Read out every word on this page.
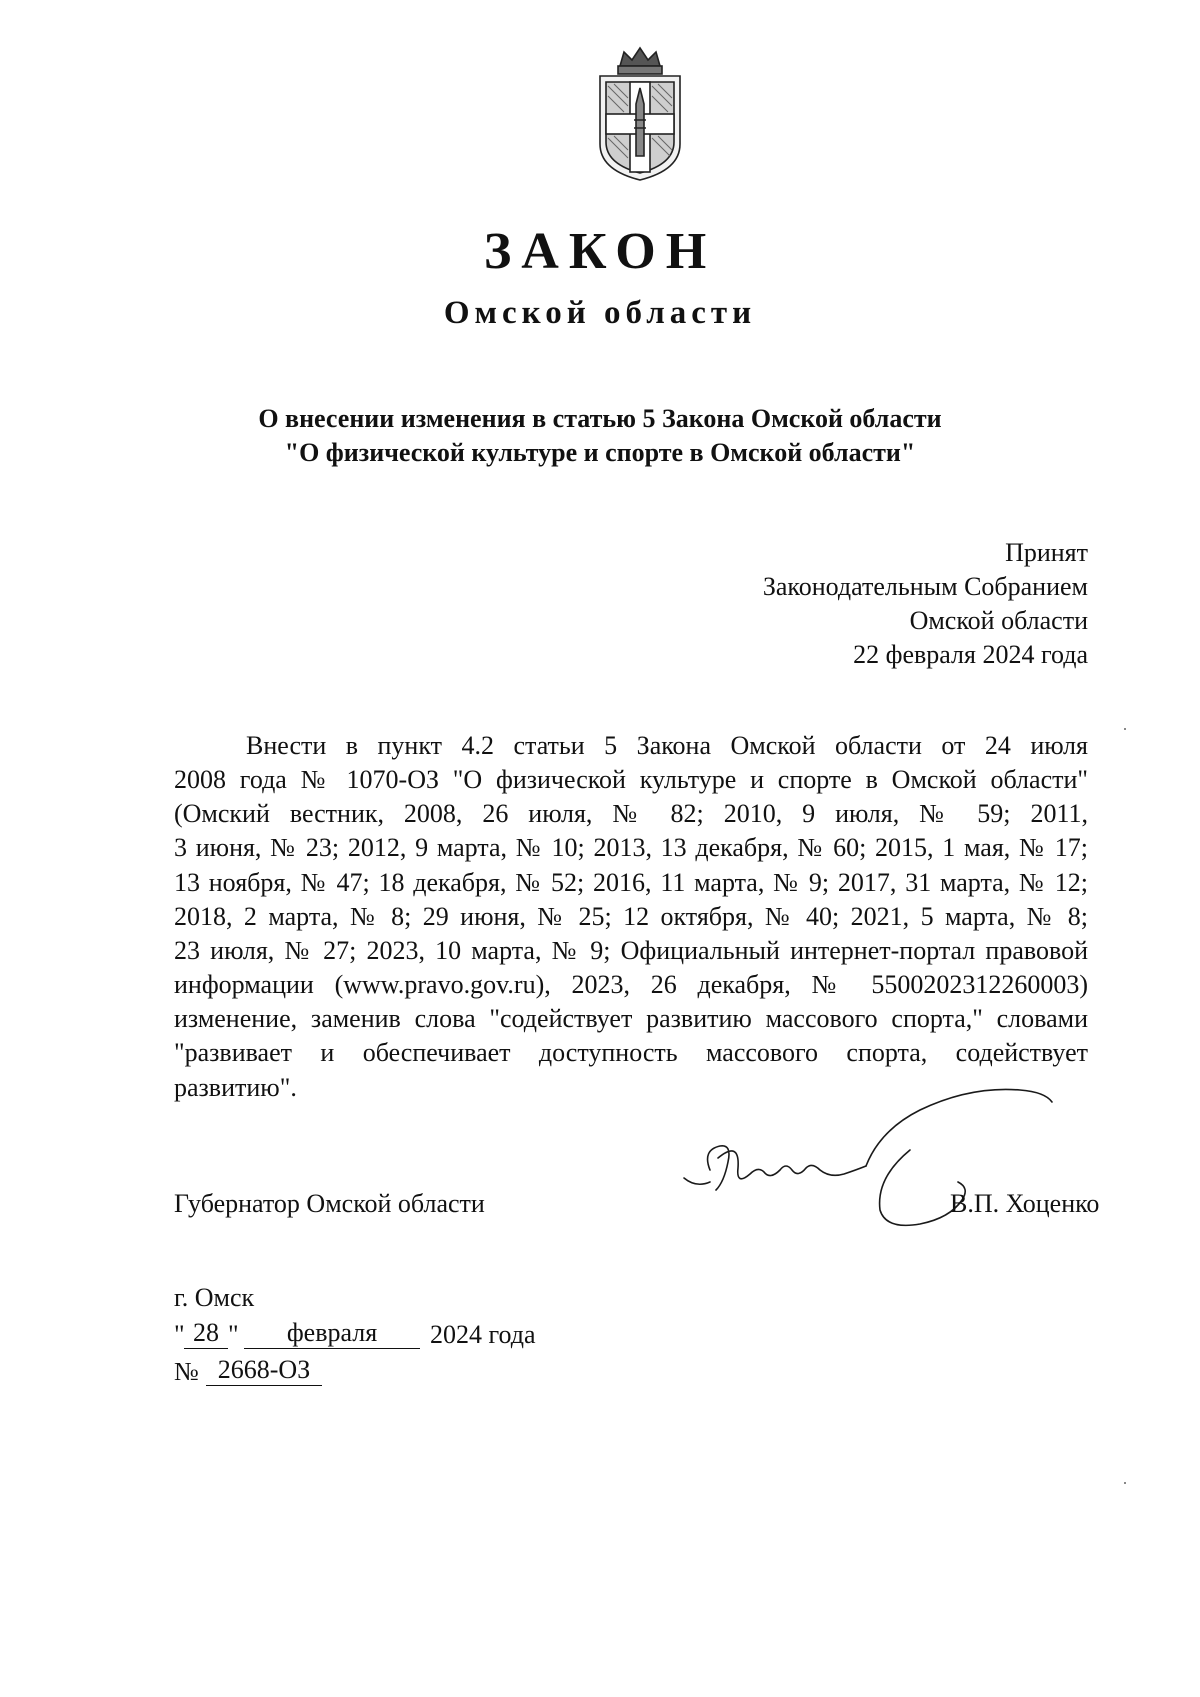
ЗАКОН
Омской области
О внесении изменения в статью 5 Закона Омской области
"О физической культуре и спорте в Омской области"
Принят
Законодательным Собранием
Омской области
22 февраля 2024 года
Внести в пункт 4.2 статьи 5 Закона Омской области от 24 июля
2008 года № 1070-ОЗ "О физической культуре и спорте в Омской области"
(Омский вестник, 2008, 26 июля, № 82; 2010, 9 июля, № 59; 2011,
3 июня, № 23; 2012, 9 марта, № 10; 2013, 13 декабря, № 60; 2015, 1 мая, № 17;
13 ноября, № 47; 18 декабря, № 52; 2016, 11 марта, № 9; 2017, 31 марта, № 12;
2018, 2 марта, № 8; 29 июня, № 25; 12 октября, № 40; 2021, 5 марта, № 8;
23 июля, № 27; 2023, 10 марта, № 9; Официальный интернет-портал правовой
информации (www.pravo.gov.ru), 2023, 26 декабря, № 5500202312260003)
изменение, заменив слова "содействует развитию массового спорта," словами
"развивает и обеспечивает доступность массового спорта, содействует
развитию".
Губернатор Омской области	В.П. Хоценко
г. Омск
" 28 "	февраля	2024 года
№ 2668-ОЗ
